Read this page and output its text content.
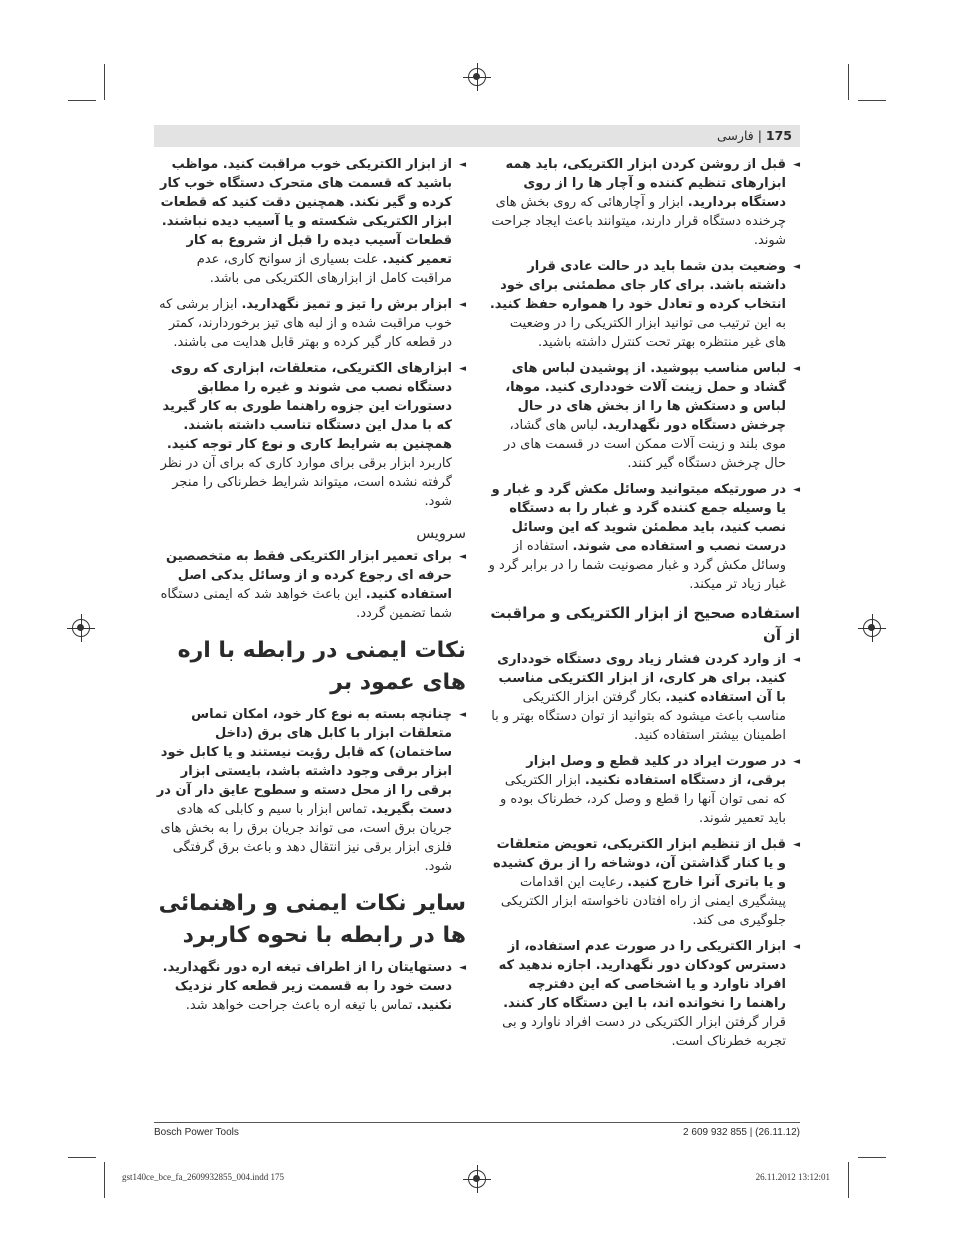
175 | فارسی
◄ قبل از روشن کردن ابزار الکتریکی، باید همه ابزارهای تنظیم کننده و آچار ها را از روی دستگاه بردارید. ابزار و آچارهائی که روی بخش های چرخنده دستگاه قرار دارند، میتوانند باعث ایجاد جراحت شوند.
◄ وضعیت بدن شما باید در حالت عادی قرار داشته باشد. برای کار جای مطمئنی برای خود انتخاب کرده و تعادل خود را همواره حفظ کنید. به این ترتیب می توانید ابزار الکتریکی را در وضعیت های غیر منتظره بهتر تحت کنترل داشته باشید.
◄ لباس مناسب بپوشید. از پوشیدن لباس های گشاد و حمل زینت آلات خودداری کنید. موها، لباس و دستکش ها را از بخش های در حال چرخش دستگاه دور نگهدارید. لباس های گشاد، موی بلند و زینت آلات ممکن است در قسمت های در حال چرخش دستگاه گیر کنند.
◄ در صورتیکه میتوانید وسائل مکش گرد و غبار و یا وسیله جمع کننده گرد و غبار را به دستگاه نصب کنید، باید مطمئن شوید که این وسائل درست نصب و استفاده می شوند. استفاده از وسائل مکش گرد و غبار مصونیت شما را در برابر گرد و غبار زیاد تر میکند.
استفاده صحیح از ابزار الکتریکی و مراقبت از آن
◄ از وارد کردن فشار زیاد روی دستگاه خودداری کنید. برای هر کاری، از ابزار الکتریکی مناسب با آن استفاده کنید. بکار گرفتن ابزار الکتریکی مناسب باعث میشود که بتوانید از توان دستگاه بهتر و با اطمینان بیشتر استفاده کنید.
◄ در صورت ایراد در کلید قطع و وصل ابزار برقی، از دستگاه استفاده نکنید. ابزار الکتریکی که نمی توان آنها را قطع و وصل کرد، خطرناک بوده و باید تعمیر شوند.
◄ قبل از تنظیم ابزار الکتریکی، تعویض متعلقات و یا کنار گذاشتن آن، دوشاخه را از برق کشیده و یا باتری آنرا خارج کنید. رعایت این اقدامات پیشگیری ایمنی از راه افتادن ناخواسته ابزار الکتریکی جلوگیری می کند.
◄ ابزار الکتریکی را در صورت عدم استفاده، از دسترس کودکان دور نگهدارید. اجازه ندهید که افراد ناوارد و یا اشخاصی که این دفترچه راهنما را نخوانده اند، با این دستگاه کار کنند. قرار گرفتن ابزار الکتریکی در دست افراد ناوارد و بی تجربه خطرناک است.
◄ از ابزار الکتریکی خوب مراقبت کنید. مواظب باشید که قسمت های متحرک دستگاه خوب کار کرده و گیر نکند. همچنین دقت کنید که قطعات ابزار الکتریکی شکسته و یا آسیب دیده نباشند. قطعات آسیب دیده را قبل از شروع به کار تعمیر کنید. علت بسیاری از سوانح کاری، عدم مراقبت کامل از ابزارهای الکتریکی می باشد.
◄ ابزار برش را تیز و تمیز نگهدارید. ابزار برشی که خوب مراقبت شده و از لبه های تیز برخوردارند، کمتر در قطعه کار گیر کرده و بهتر قابل هدایت می باشند.
◄ ابزارهای الکتریکی، متعلقات، ابزاری که روی دستگاه نصب می شوند و غیره را مطابق دستورات این جزوه راهنما طوری به کار گیرید که با مدل این دستگاه تناسب داشته باشند. همچنین به شرایط کاری و نوع کار توجه کنید. کاربرد ابزار برقی برای موارد کاری که برای آن در نظر گرفته نشده است، میتواند شرایط خطرناکی را منجر شود.
سرویس
◄ برای تعمیر ابزار الکتریکی فقط به متخصصین حرفه ای رجوع کرده و از وسائل یدکی اصل استفاده کنید. این باعث خواهد شد که ایمنی دستگاه شما تضمین گردد.
نکات ایمنی در رابطه با اره های عمود بر
◄ چنانچه بسته به نوع کار خود، امکان تماس متعلقات ابزار با کابل های برق (داخل ساختمان) که قابل رؤیت نیستند و یا کابل خود ابزار برقی وجود داشته باشد، بایستی ابزار برقی را از محل دسته و سطوح عایق دار آن در دست بگیرید. تماس ابزار با سیم و کابلی که هادی جریان برق است، می تواند جریان برق را به بخش های فلزی ابزار برقی نیز انتقال دهد و باعث برق گرفتگی شود.
سایر نکات ایمنی و راهنمائی ها در رابطه با نحوه کاربرد
◄ دستهایتان را از اطراف تیغه اره دور نگهدارید. دست خود را به قسمت زیر قطعه کار نزدیک نکنید. تماس با تیغه اره باعث جراحت خواهد شد.
Bosch Power Tools	2 609 932 855 | (26.11.12)
gst140ce_bce_fa_2609932855_004.indd 175	26.11.2012 13:12:01
